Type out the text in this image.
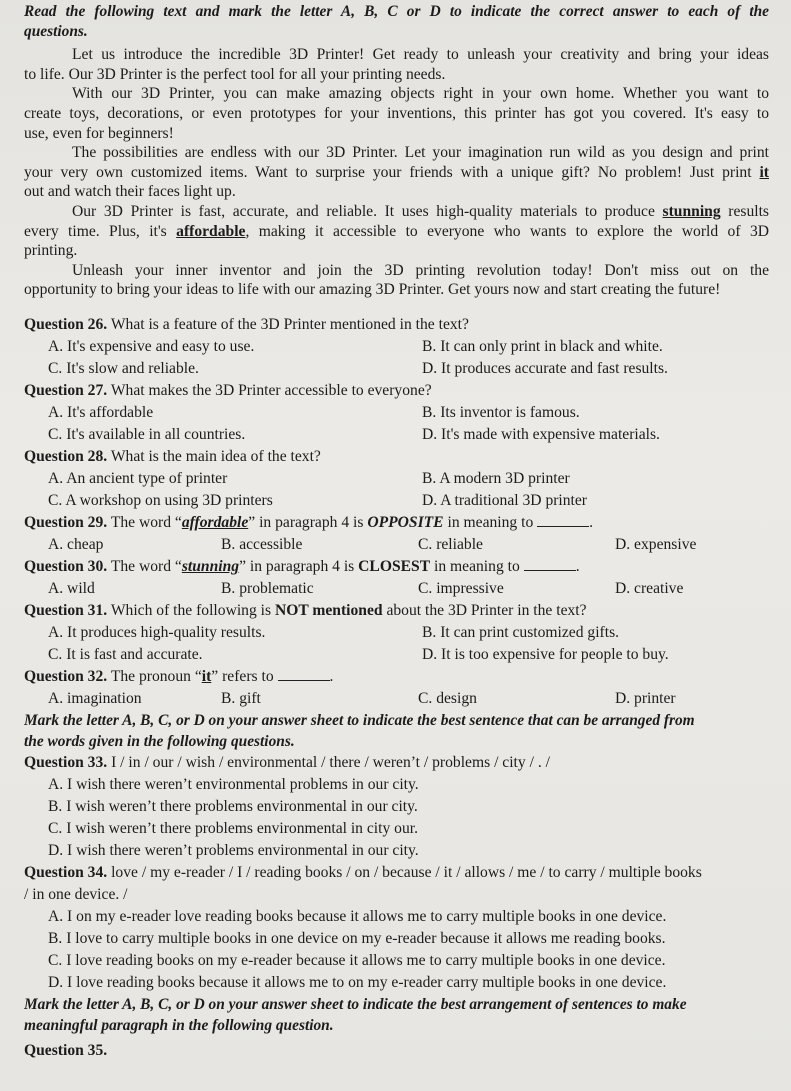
Read the following text and mark the letter A, B, C or D to indicate the correct answer to each of the
questions.
Let us introduce the incredible 3D Printer! Get ready to unleash your creativity and bring your ideas
to life. Our 3D Printer is the perfect tool for all your printing needs.
With our 3D Printer, you can make amazing objects right in your own home. Whether you want to
create toys, decorations, or even prototypes for your inventions, this printer has got you covered. It's easy to
use, even for beginners!
The possibilities are endless with our 3D Printer. Let your imagination run wild as you design and print
your very own customized items. Want to surprise your friends with a unique gift? No problem! Just print it
out and watch their faces light up.
Our 3D Printer is fast, accurate, and reliable. It uses high-quality materials to produce stunning results
every time. Plus, it's affordable, making it accessible to everyone who wants to explore the world of 3D
printing.
Unleash your inner inventor and join the 3D printing revolution today! Don't miss out on the
opportunity to bring your ideas to life with our amazing 3D Printer. Get yours now and start creating the future!
Question 26. What is a feature of the 3D Printer mentioned in the text?
A. It's expensive and easy to use.	B. It can only print in black and white.
C. It's slow and reliable.	D. It produces accurate and fast results.
Question 27. What makes the 3D Printer accessible to everyone?
A. It's affordable	B. Its inventor is famous.
C. It's available in all countries.	D. It's made with expensive materials.
Question 28. What is the main idea of the text?
A. An ancient type of printer	B. A modern 3D printer
C. A workshop on using 3D printers	D. A traditional 3D printer
Question 29. The word “affordable” in paragraph 4 is OPPOSITE in meaning to	.
A. cheap	B. accessible	C. reliable	D. expensive
Question 30. The word “stunning” in paragraph 4 is CLOSEST in meaning to	.
A. wild	B. problematic	C. impressive	D. creative
Question 31. Which of the following is NOT mentioned about the 3D Printer in the text?
A. It produces high-quality results.	B. It can print customized gifts.
C. It is fast and accurate.	D. It is too expensive for people to buy.
Question 32. The pronoun “it” refers to	.
A. imagination	B. gift	C. design	D. printer
Mark the letter A, B, C, or D on your answer sheet to indicate the best sentence that can be arranged from
the words given in the following questions.
Question 33. I / in / our / wish / environmental / there / weren’t / problems / city / . /
A. I wish there weren’t environmental problems in our city.
B. I wish weren’t there problems environmental in our city.
C. I wish weren’t there problems environmental in city our.
D. I wish there weren’t problems environmental in our city.
Question 34. love / my e-reader / I / reading books / on / because / it / allows / me / to carry / multiple books
/ in one device. /
A. I on my e-reader love reading books because it allows me to carry multiple books in one device.
B. I love to carry multiple books in one device on my e-reader because it allows me reading books.
C. I love reading books on my e-reader because it allows me to carry multiple books in one device.
D. I love reading books because it allows me to on my e-reader carry multiple books in one device.
Mark the letter A, B, C, or D on your answer sheet to indicate the best arrangement of sentences to make
meaningful paragraph in the following question.
Question 35.
